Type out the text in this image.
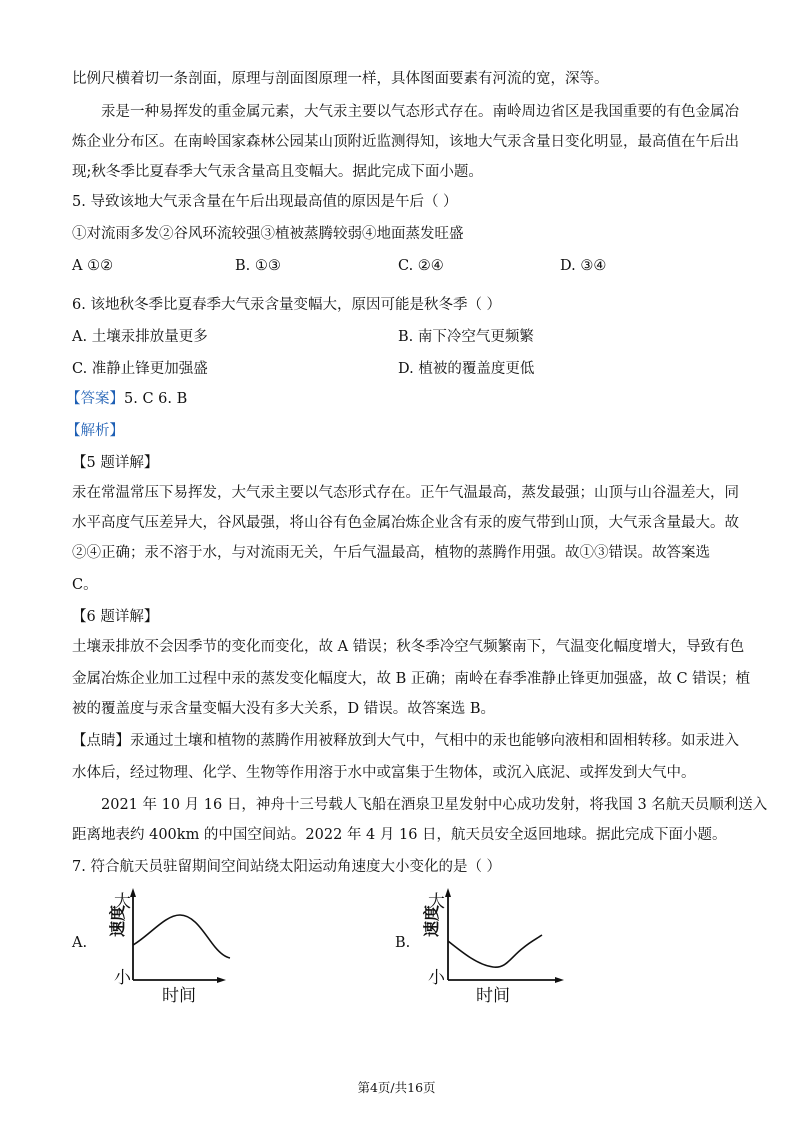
比例尺横着切一条剖面，原理与剖面图原理一样，具体图面要素有河流的宽，深等。
汞是一种易挥发的重金属元素，大气汞主要以气态形式存在。南岭周边省区是我国重要的有色金属冶
炼企业分布区。在南岭国家森林公园某山顶附近监测得知，该地大气汞含量日变化明显，最高值在午后出
现;秋冬季比夏春季大气汞含量高且变幅大。据此完成下面小题。
5. 导致该地大气汞含量在午后出现最高值的原因是午后（ ）
①对流雨多发②谷风环流较强③植被蒸腾较弱④地面蒸发旺盛
A ①②	B. ①③	C. ②④	D. ③④
6. 该地秋冬季比夏春季大气汞含量变幅大，原因可能是秋冬季（ ）
A. 土壤汞排放量更多	B. 南下冷空气更频繁
C. 准静止锋更加强盛	D. 植被的覆盖度更低
【答案】5. C 6. B
【解析】
【5 题详解】
汞在常温常压下易挥发，大气汞主要以气态形式存在。正午气温最高，蒸发最强；山顶与山谷温差大，同
水平高度气压差异大，谷风最强，将山谷有色金属冶炼企业含有汞的废气带到山顶，大气汞含量最大。故
②④正确；汞不溶于水，与对流雨无关，午后气温最高，植物的蒸腾作用强。故①③错误。故答案选
C。
【6 题详解】
土壤汞排放不会因季节的变化而变化，故 A 错误；秋冬季冷空气频繁南下，气温变化幅度增大，导致有色
金属冶炼企业加工过程中汞的蒸发变化幅度大，故 B 正确；南岭在春季准静止锋更加强盛，故 C 错误；植
被的覆盖度与汞含量变幅大没有多大关系，D 错误。故答案选 B。
【点睛】汞通过土壤和植物的蒸腾作用被释放到大气中，气相中的汞也能够向液相和固相转移。如汞进入
水体后，经过物理、化学、生物等作用溶于水中或富集于生物体，或沉入底泥、或挥发到大气中。
2021 年 10 月 16 日，神舟十三号载人飞船在酒泉卫星发射中心成功发射，将我国 3 名航天员顺利送入
距离地表约 400km 的中国空间站。2022 年 4 月 16 日，航天员安全返回地球。据此完成下面小题。
7. 符合航天员驻留期间空间站绕太阳运动角速度大小变化的是（ ）
A.
大
小
速度
时间
B.
大
小
速度
时间
第4页/共16页
